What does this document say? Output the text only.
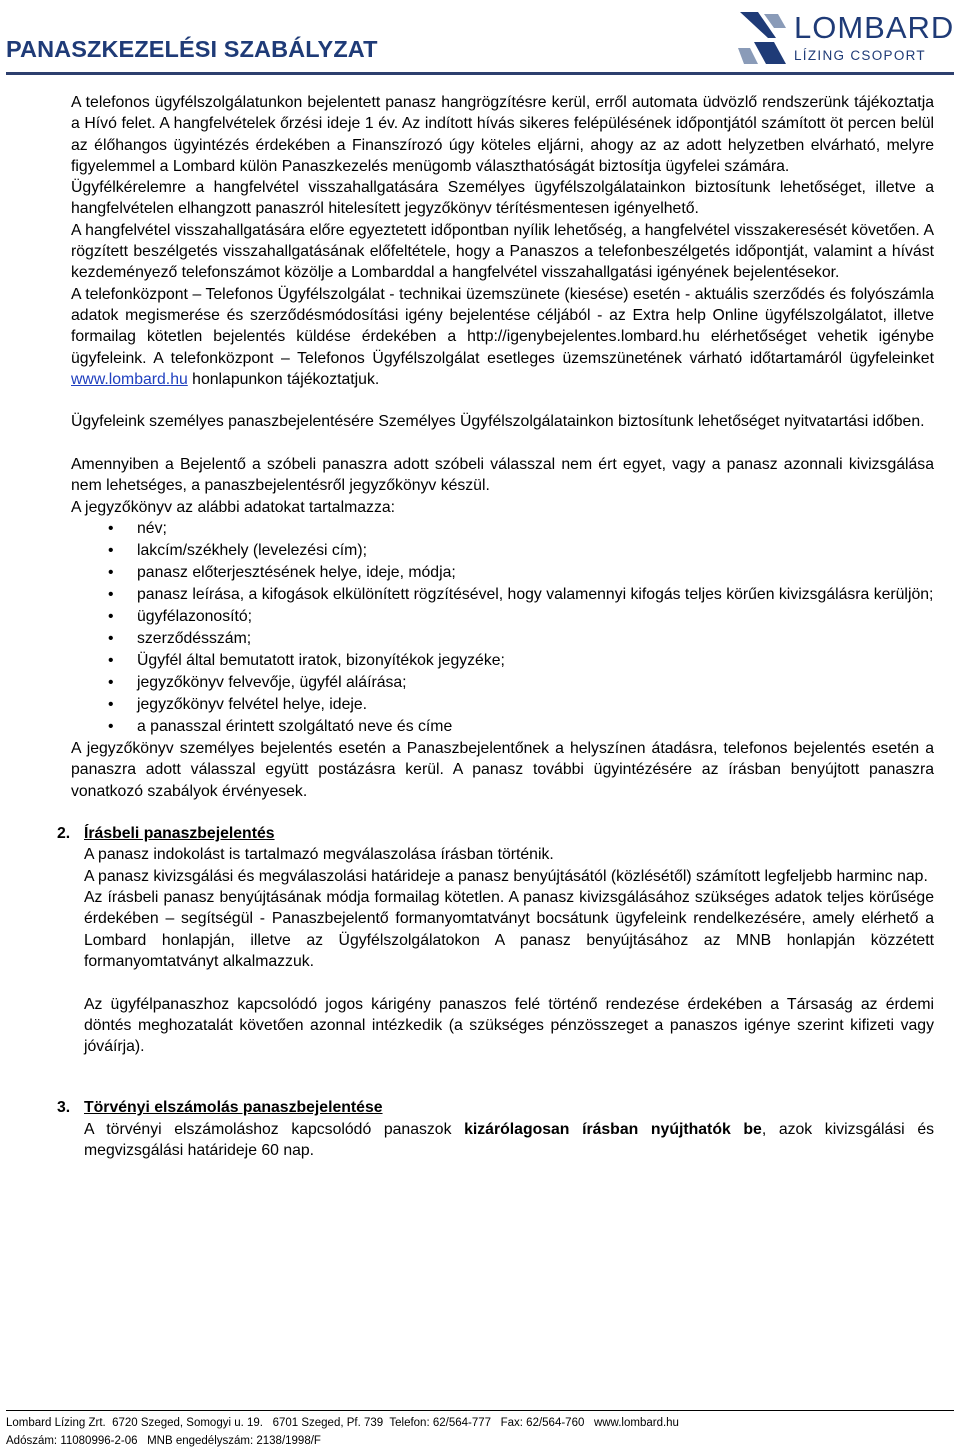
PANASZKEZELÉSI SZABÁLYZAT
LOMBARD
LÍZING CSOPORT

A telefonos ügyfélszolgálatunkon bejelentett panasz hangrögzítésre kerül, erről automata üdvözlő rendszerünk tájékoztatja a Hívó felet. A hangfelvételek őrzési ideje 1 év. Az indított hívás sikeres felépülésének időpontjától számított öt percen belül az élőhangos ügyintézés érdekében a Finanszírozó úgy köteles eljárni, ahogy az az adott helyzetben elvárható, melyre figyelemmel a Lombard külön Panaszkezelés menügomb választhatóságát biztosítja ügyfelei számára.

Ügyfélkérelemre a hangfelvétel visszahallgatására Személyes ügyfélszolgálatainkon biztosítunk lehetőséget, illetve a hangfelvételen elhangzott panaszról hitelesített jegyzőkönyv térítésmentesen igényelhető.

A hangfelvétel visszahallgatására előre egyeztetett időpontban nyílik lehetőség, a hangfelvétel visszakeresését követően. A rögzített beszélgetés visszahallgatásának előfeltétele, hogy a Panaszos a telefonbeszélgetés időpontját, valamint a hívást kezdeményező telefonszámot közölje a Lombarddal a hangfelvétel visszahallgatási igényének bejelentésekor.

A telefonközpont – Telefonos Ügyfélszolgálat - technikai üzemszünete (kiesése) esetén - aktuális szerződés és folyószámla adatok megismerése és szerződésmódosítási igény bejelentése céljából - az Extra help Online ügyfélszolgálatot, illetve formailag kötetlen bejelentés küldése érdekében a http://igenybejelentes.lombard.hu elérhetőséget vehetik igénybe ügyfeleink. A telefonközpont – Telefonos Ügyfélszolgálat esetleges üzemszünetének várható időtartamáról ügyfeleinket www.lombard.hu honlapunkon tájékoztatjuk.

Ügyfeleink személyes panaszbejelentésére Személyes Ügyfélszolgálatainkon biztosítunk lehetőséget nyitvatartási időben.

Amennyiben a Bejelentő a szóbeli panaszra adott szóbeli válasszal nem ért egyet, vagy a panasz azonnali kivizsgálása nem lehetséges, a panaszbejelentésről jegyzőkönyv készül.

A jegyzőkönyv az alábbi adatokat tartalmazza:

• név;
• lakcím/székhely (levelezési cím);
• panasz előterjesztésének helye, ideje, módja;
• panasz leírása, a kifogások elkülönített rögzítésével, hogy valamennyi kifogás teljes körűen kivizsgálásra kerüljön;
• ügyfélazonosító;
• szerződésszám;
• Ügyfél által bemutatott iratok, bizonyítékok jegyzéke;
• jegyzőkönyv felvevője, ügyfél aláírása;
• jegyzőkönyv felvétel helye, ideje.
• a panasszal érintett szolgáltató neve és címe

A jegyzőkönyv személyes bejelentés esetén a Panaszbejelentőnek a helyszínen átadásra, telefonos bejelentés esetén a panaszra adott válasszal együtt postázásra kerül. A panasz további ügyintézésére az írásban benyújtott panaszra vonatkozó szabályok érvényesek.

2. Írásbeli panaszbejelentés

A panasz indokolást is tartalmazó megválaszolása írásban történik.

A panasz kivizsgálási és megválaszolási határideje a panasz benyújtásától (közlésétől) számított legfeljebb harminc nap.

Az írásbeli panasz benyújtásának módja formailag kötetlen. A panasz kivizsgálásához szükséges adatok teljes körűsége érdekében – segítségül - Panaszbejelentő formanyomtatványt bocsátunk ügyfeleink rendelkezésére, amely elérhető a Lombard honlapján, illetve az Ügyfélszolgálatokon A panasz benyújtásához az MNB honlapján közzétett formanyomtatványt alkalmazzuk.

Az ügyfélpanaszhoz kapcsolódó jogos kárigény panaszos felé történő rendezése érdekében a Társaság az érdemi döntés meghozatalát követően azonnal intézkedik (a szükséges pénzösszeget a panaszos igénye szerint kifizeti vagy jóváírja).

3. Törvényi elszámolás panaszbejelentése

A törvényi elszámoláshoz kapcsolódó panaszok kizárólagosan írásban nyújthatók be, azok kivizsgálási és megvizsgálási határideje 60 nap.

Lombard Lízing Zrt.  6720 Szeged, Somogyi u. 19.   6701 Szeged, Pf. 739  Telefon: 62/564-777   Fax: 62/564-760   www.lombard.hu
Adószám: 11080996-2-06   MNB engedélyszám: 2138/1998/F
